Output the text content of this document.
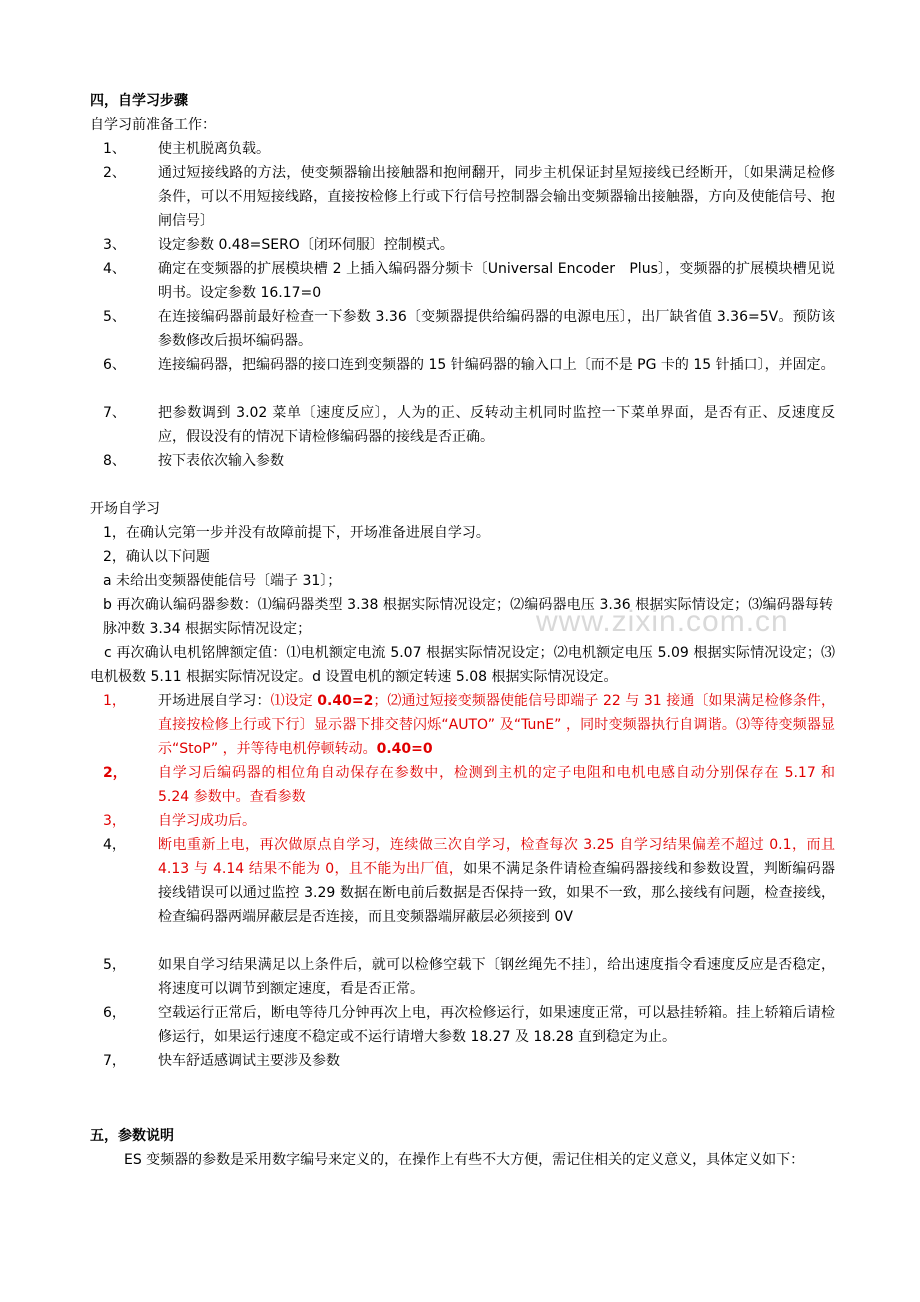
www.zixin.com.cn
四，自学习步骤
自学习前准备工作：
1、	使主机脱离负载。
2、	通过短接线路的方法，使变频器输出接触器和抱闸翻开，同步主机保证封星短接线已经断开，〔如果满足检修条件，可以不用短接线路，直接按检修上行或下行信号控制器会输出变频器输出接触器，方向及使能信号、抱闸信号〕
3、	设定参数 0.48=SERO〔闭环伺服〕控制模式。
4、	确定在变频器的扩展模块槽 2 上插入编码器分频卡〔Universal Encoder　Plus〕，变频器的扩展模块槽见说明书。设定参数 16.17=0
5、	在连接编码器前最好检查一下参数 3.36〔变频器提供给编码器的电源电压〕，出厂缺省值 3.36=5V。预防该参数修改后损坏编码器。
6、	连接编码器，把编码器的接口连到变频器的 15 针编码器的输入口上〔而不是 PG 卡的 15 针插口〕，并固定。
7、	把参数调到 3.02 菜单〔速度反应〕，人为的正、反转动主机同时监控一下菜单界面，是否有正、反速度反应，假设没有的情况下请检修编码器的接线是否正确。
8、	按下表依次输入参数
开场自学习
1，在确认完第一步并没有故障前提下，开场准备进展自学习。
2，确认以下问题
a 未给出变频器使能信号〔端子 31〕；
b 再次确认编码器参数：⑴编码器类型 3.38 根据实际情况设定；⑵编码器电压 3.36 根据实际情设定；⑶编码器每转脉冲数 3.34 根据实际情况设定；
c 再次确认电机铭牌额定值：⑴电机额定电流 5.07 根据实际情况设定；⑵电机额定电压 5.09 根据实际情况设定；⑶电机极数 5.11 根据实际情况设定。d 设置电机的额定转速 5.08 根据实际情况设定。
1，	开场进展自学习：⑴设定 0.40=2；⑵通过短接变频器使能信号即端子 22 与 31 接通〔如果满足检修条件，直接按检修上行或下行〕显示器下排交替闪烁“AUTO” 及“TunE” ，同时变频器执行自调谐。⑶等待变频器显示“StoP” ，并等待电机停顿转动。0.40=0
2，	自学习后编码器的相位角自动保存在参数中，检测到主机的定子电阻和电机电感自动分别保存在 5.17 和 5.24 参数中。查看参数
3，	自学习成功后。
4，	断电重新上电，再次做原点自学习，连续做三次自学习，检查每次 3.25 自学习结果偏差不超过 0.1，而且 4.13 与 4.14 结果不能为 0，且不能为出厂值，如果不满足条件请检查编码器接线和参数设置，判断编码器接线错误可以通过监控 3.29 数据在断电前后数据是否保持一致，如果不一致，那么接线有问题，检查接线，检查编码器两端屏蔽层是否连接，而且变频器端屏蔽层必须接到 0V
5，	如果自学习结果满足以上条件后，就可以检修空载下〔钢丝绳先不挂〕，给出速度指令看速度反应是否稳定，将速度可以调节到额定速度，看是否正常。
6，	空载运行正常后，断电等待几分钟再次上电，再次检修运行，如果速度正常，可以悬挂轿箱。挂上轿箱后请检修运行，如果运行速度不稳定或不运行请增大参数 18.27 及 18.28 直到稳定为止。
7，	快车舒适感调试主要涉及参数
五，参数说明
ES 变频器的参数是采用数字编号来定义的，在操作上有些不大方便，需记住相关的定义意义，具体定义如下：
